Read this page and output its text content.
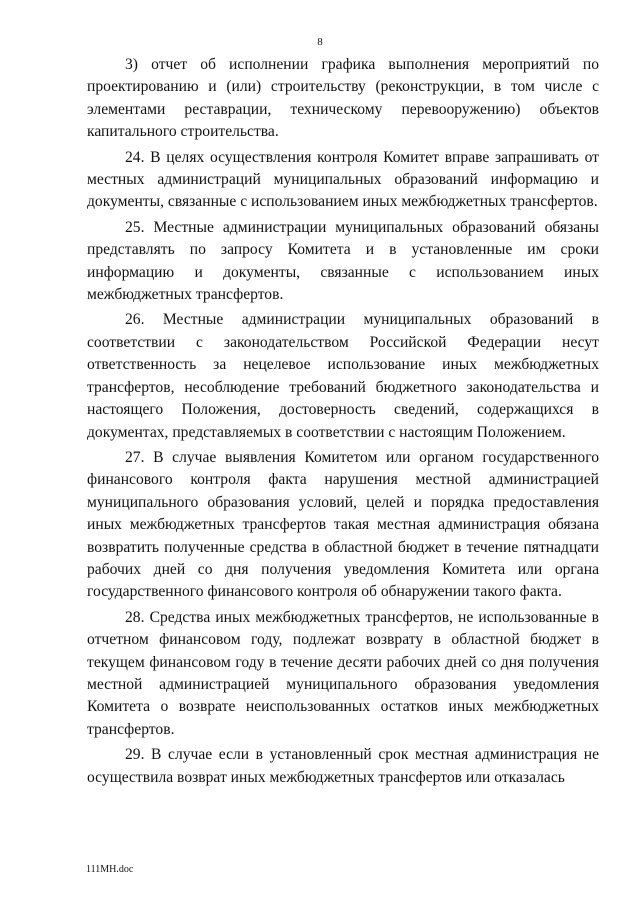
8

3) отчет об исполнении графика выполнения мероприятий по проектированию и (или) строительству (реконструкции, в том числе с элементами реставрации, техническому перевооружению) объектов капитального строительства.

24. В целях осуществления контроля Комитет вправе запрашивать от местных администраций муниципальных образований информацию и документы, связанные с использованием иных межбюджетных трансфертов.

25. Местные администрации муниципальных образований обязаны представлять по запросу Комитета и в установленные им сроки информацию и документы, связанные с использованием иных межбюджетных трансфертов.

26. Местные администрации муниципальных образований в соответствии с законодательством Российской Федерации несут ответственность за нецелевое использование иных межбюджетных трансфертов, несоблюдение требований бюджетного законодательства и настоящего Положения, достоверность сведений, содержащихся в документах, представляемых в соответствии с настоящим Положением.

27. В случае выявления Комитетом или органом государственного финансового контроля факта нарушения местной администрацией муниципального образования условий, целей и порядка предоставления иных межбюджетных трансфертов такая местная администрация обязана возвратить полученные средства в областной бюджет в течение пятнадцати рабочих дней со дня получения уведомления Комитета или органа государственного финансового контроля об обнаружении такого факта.

28. Средства иных межбюджетных трансфертов, не использованные в отчетном финансовом году, подлежат возврату в областной бюджет в текущем финансовом году в течение десяти рабочих дней со дня получения местной администрацией муниципального образования уведомления Комитета о возврате неиспользованных остатков иных межбюджетных трансфертов.

29. В случае если в установленный срок местная администрация не осуществила возврат иных межбюджетных трансфертов или отказалась

111МН.doc
